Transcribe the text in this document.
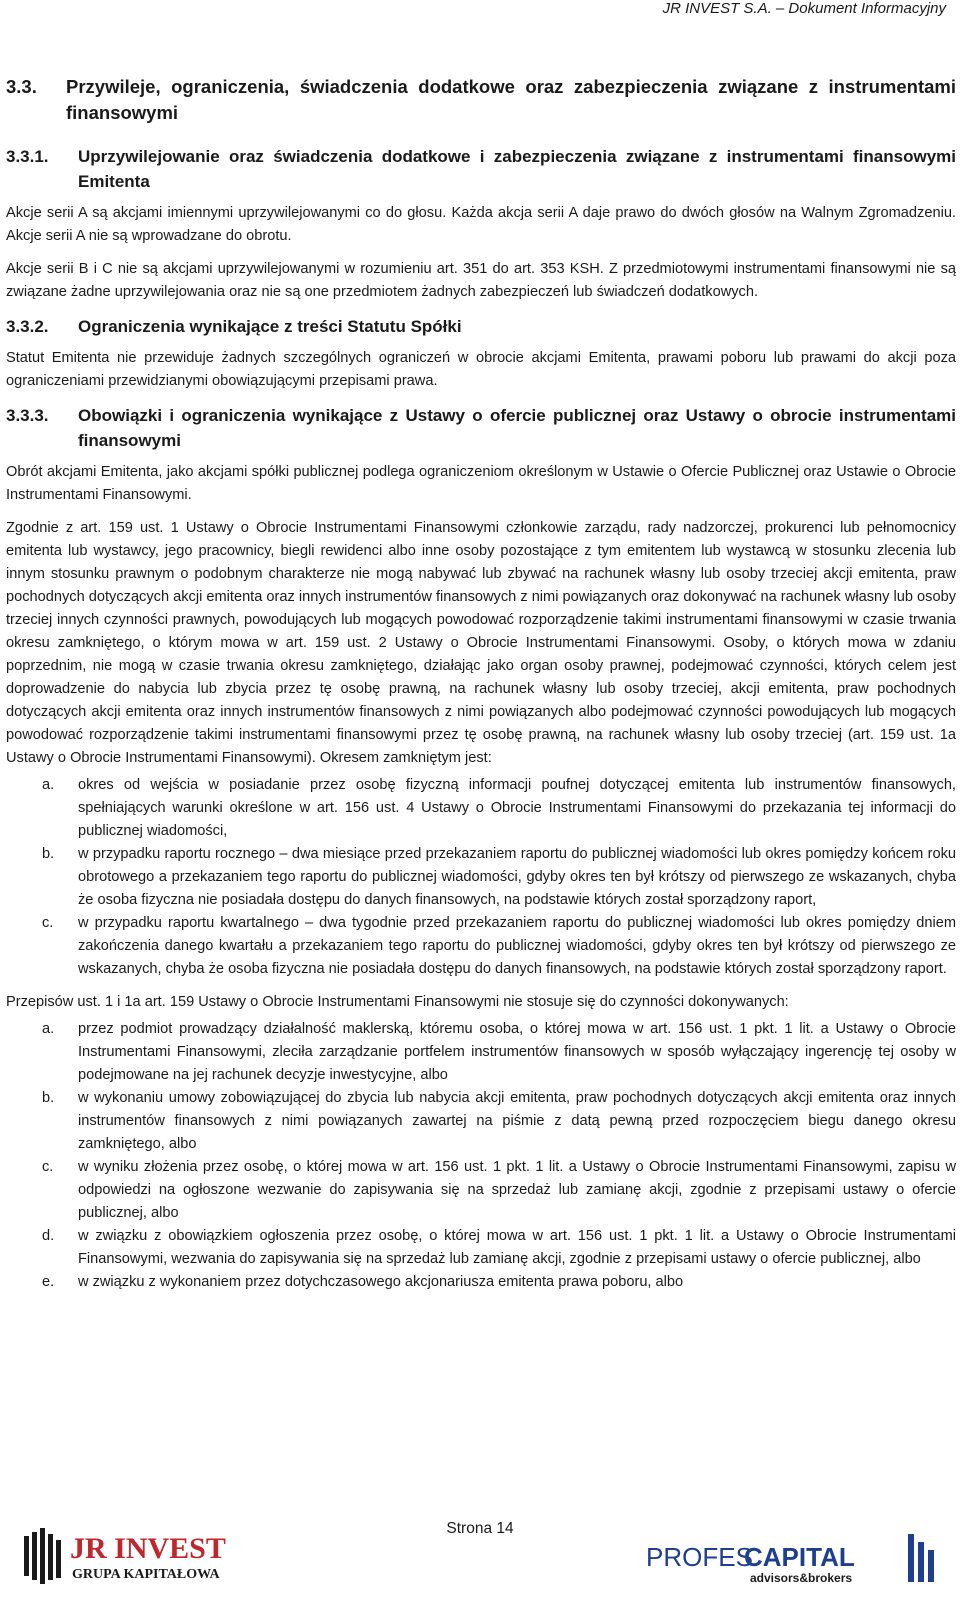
JR INVEST S.A. – Dokument Informacyjny
3.3.	Przywileje, ograniczenia, świadczenia dodatkowe oraz zabezpieczenia związane z instrumentami finansowymi
3.3.1.	Uprzywilejowanie oraz świadczenia dodatkowe i zabezpieczenia związane z instrumentami finansowymi Emitenta

Akcje serii A są akcjami imiennymi uprzywilejowanymi co do głosu. Każda akcja serii A daje prawo do dwóch głosów na Walnym Zgromadzeniu. Akcje serii A nie są wprowadzane do obrotu.

Akcje serii B i C nie są akcjami uprzywilejowanymi w rozumieniu art. 351 do art. 353 KSH. Z przedmiotowymi instrumentami finansowymi nie są związane żadne uprzywilejowania oraz nie są one przedmiotem żadnych zabezpieczeń lub świadczeń dodatkowych.

3.3.2.	Ograniczenia wynikające z treści Statutu Spółki

Statut Emitenta nie przewiduje żadnych szczególnych ograniczeń w obrocie akcjami Emitenta, prawami poboru lub prawami do akcji poza ograniczeniami przewidzianymi obowiązującymi przepisami prawa.

3.3.3.	Obowiązki i ograniczenia wynikające z Ustawy o ofercie publicznej oraz Ustawy o obrocie instrumentami finansowymi

Obrót akcjami Emitenta, jako akcjami spółki publicznej podlega ograniczeniom określonym w Ustawie o Ofercie Publicznej oraz Ustawie o Obrocie Instrumentami Finansowymi.

Zgodnie z art. 159 ust. 1 Ustawy o Obrocie Instrumentami Finansowymi członkowie zarządu, rady nadzorczej, prokurenci lub pełnomocnicy emitenta lub wystawcy, jego pracownicy, biegli rewidenci albo inne osoby pozostające z tym emitentem lub wystawcą w stosunku zlecenia lub innym stosunku prawnym o podobnym charakterze nie mogą nabywać lub zbywać na rachunek własny lub osoby trzeciej akcji emitenta, praw pochodnych dotyczących akcji emitenta oraz innych instrumentów finansowych z nimi powiązanych oraz dokonywać na rachunek własny lub osoby trzeciej innych czynności prawnych, powodujących lub mogących powodować rozporządzenie takimi instrumentami finansowymi w czasie trwania okresu zamkniętego, o którym mowa w art. 159 ust. 2 Ustawy o Obrocie Instrumentami Finansowymi. Osoby, o których mowa w zdaniu poprzednim, nie mogą w czasie trwania okresu zamkniętego, działając jako organ osoby prawnej, podejmować czynności, których celem jest doprowadzenie do nabycia lub zbycia przez tę osobę prawną, na rachunek własny lub osoby trzeciej, akcji emitenta, praw pochodnych dotyczących akcji emitenta oraz innych instrumentów finansowych z nimi powiązanych albo podejmować czynności powodujących lub mogących powodować rozporządzenie takimi instrumentami finansowymi przez tę osobę prawną, na rachunek własny lub osoby trzeciej (art. 159 ust. 1a Ustawy o Obrocie Instrumentami Finansowymi). Okresem zamkniętym jest:

a.	okres od wejścia w posiadanie przez osobę fizyczną informacji poufnej dotyczącej emitenta lub instrumentów finansowych, spełniających warunki określone w art. 156 ust. 4 Ustawy o Obrocie Instrumentami Finansowymi do przekazania tej informacji do publicznej wiadomości,
b.	w przypadku raportu rocznego – dwa miesiące przed przekazaniem raportu do publicznej wiadomości lub okres pomiędzy końcem roku obrotowego a przekazaniem tego raportu do publicznej wiadomości, gdyby okres ten był krótszy od pierwszego ze wskazanych, chyba że osoba fizyczna nie posiadała dostępu do danych finansowych, na podstawie których został sporządzony raport,
c.	w przypadku raportu kwartalnego – dwa tygodnie przed przekazaniem raportu do publicznej wiadomości lub okres pomiędzy dniem zakończenia danego kwartału a przekazaniem tego raportu do publicznej wiadomości, gdyby okres ten był krótszy od pierwszego ze wskazanych, chyba że osoba fizyczna nie posiadała dostępu do danych finansowych, na podstawie których został sporządzony raport.

Przepisów ust. 1 i 1a art. 159 Ustawy o Obrocie Instrumentami Finansowymi nie stosuje się do czynności dokonywanych:

a.	przez podmiot prowadzący działalność maklerską, któremu osoba, o której mowa w art. 156 ust. 1 pkt. 1 lit. a Ustawy o Obrocie Instrumentami Finansowymi, zleciła zarządzanie portfelem instrumentów finansowych w sposób wyłączający ingerencję tej osoby w podejmowane na jej rachunek decyzje inwestycyjne, albo
b.	w wykonaniu umowy zobowiązującej do zbycia lub nabycia akcji emitenta, praw pochodnych dotyczących akcji emitenta oraz innych instrumentów finansowych z nimi powiązanych zawartej na piśmie z datą pewną przed rozpoczęciem biegu danego okresu zamkniętego, albo
c.	w wyniku złożenia przez osobę, o której mowa w art. 156 ust. 1 pkt. 1 lit. a Ustawy o Obrocie Instrumentami Finansowymi, zapisu w odpowiedzi na ogłoszone wezwanie do zapisywania się na sprzedaż lub zamianę akcji, zgodnie z przepisami ustawy o ofercie publicznej, albo
d.	w związku z obowiązkiem ogłoszenia przez osobę, o której mowa w art. 156 ust. 1 pkt. 1 lit. a Ustawy o Obrocie Instrumentami Finansowymi, wezwania do zapisywania się na sprzedaż lub zamianę akcji, zgodnie z przepisami ustawy o ofercie publicznej, albo
e.	w związku z wykonaniem przez dotychczasowego akcjonariusza emitenta prawa poboru, albo
Strona 14
JR INVEST
GRUPA KAPITAŁOWA
PROFES
CAPITAL
advisors&brokers
